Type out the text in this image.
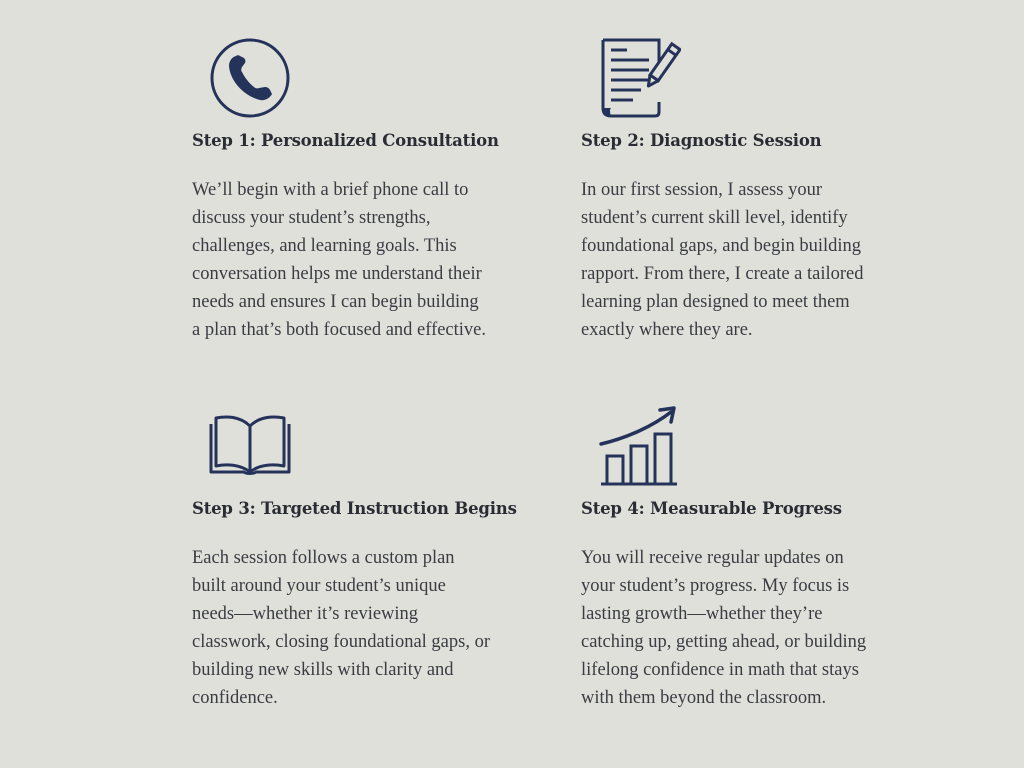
Step 1: Personalized Consultation

We’ll begin with a brief phone call to
discuss your student’s strengths,
challenges, and learning goals. This
conversation helps me understand their
needs and ensures I can begin building
a plan that’s both focused and effective.

Step 2: Diagnostic Session

In our first session, I assess your
student’s current skill level, identify
foundational gaps, and begin building
rapport. From there, I create a tailored
learning plan designed to meet them
exactly where they are.

Step 3: Targeted Instruction Begins

Each session follows a custom plan
built around your student’s unique
needs—whether it’s reviewing
classwork, closing foundational gaps, or
building new skills with clarity and
confidence.

Step 4: Measurable Progress

You will receive regular updates on
your student’s progress. My focus is
lasting growth—whether they’re
catching up, getting ahead, or building
lifelong confidence in math that stays
with them beyond the classroom.
